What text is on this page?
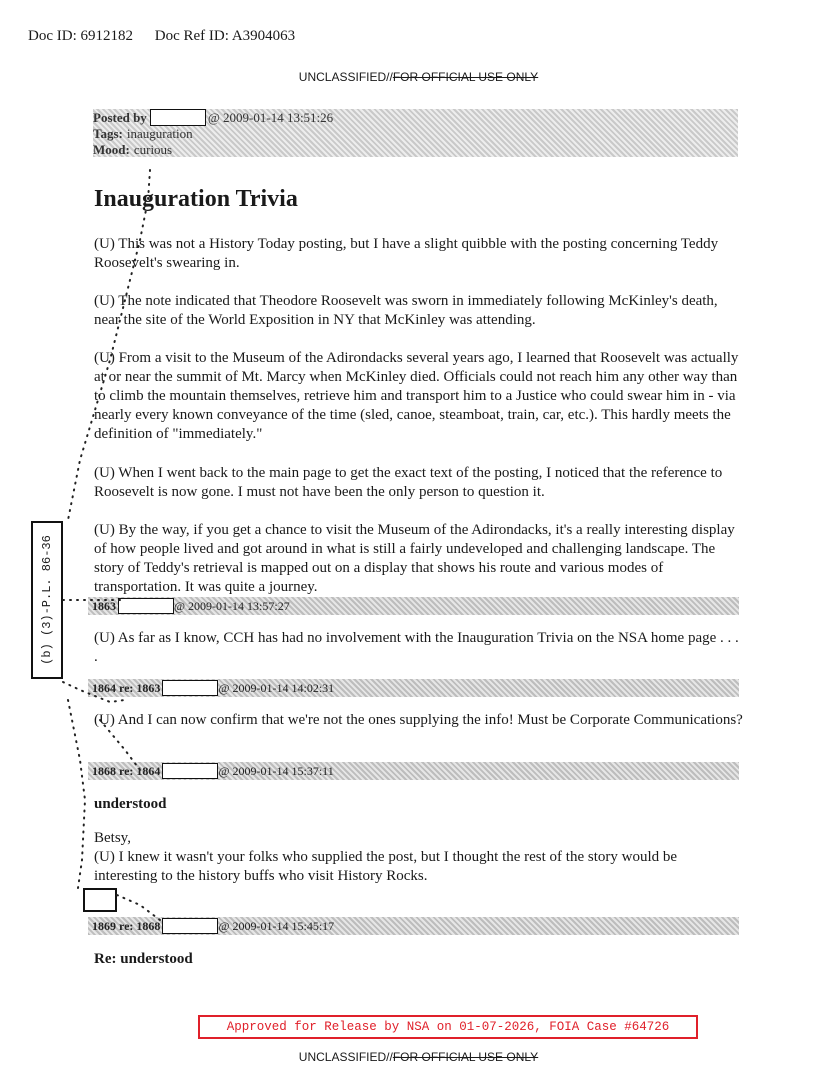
Doc ID: 6912182 Doc Ref ID: A3904063
UNCLASSIFIED//FOR OFFICIAL USE ONLY
Posted by	@ 2009-01-14 13:51:26
Tags: inauguration
Mood: curious
Inauguration Trivia
(U) This was not a History Today posting, but I have a slight quibble with the posting concerning Teddy Roosevelt's swearing in.
(U) The note indicated that Theodore Roosevelt was sworn in immediately following McKinley's death, near the site of the World Exposition in NY that McKinley was attending.
(U) From a visit to the Museum of the Adirondacks several years ago, I learned that Roosevelt was actually at or near the summit of Mt. Marcy when McKinley died. Officials could not reach him any other way than to climb the mountain themselves, retrieve him and transport him to a Justice who could swear him in - via nearly every known conveyance of the time (sled, canoe, steamboat, train, car, etc.). This hardly meets the definition of "immediately."
(U) When I went back to the main page to get the exact text of the posting, I noticed that the reference to Roosevelt is now gone. I must not have been the only person to question it.
(U) By the way, if you get a chance to visit the Museum of the Adirondacks, it's a really interesting display of how people lived and got around in what is still a fairly undeveloped and challenging landscape. The story of Teddy's retrieval is mapped out on a display that shows his route and various modes of transportation. It was quite a journey.
1863	@ 2009-01-14 13:57:27
(U) As far as I know, CCH has had no involvement with the Inauguration Trivia on the NSA home page . . . .
1864 re: 1863	@ 2009-01-14 14:02:31
(U) And I can now confirm that we're not the ones supplying the info! Must be Corporate Communications?
1868 re: 1864	@ 2009-01-14 15:37:11
understood
Betsy,
(U) I knew it wasn't your folks who supplied the post, but I thought the rest of the story would be interesting to the history buffs who visit History Rocks.
1869 re: 1868	@ 2009-01-14 15:45:17
Re: understood
(b) (3)-P.L. 86-36
Approved for Release by NSA on 01-07-2026, FOIA Case #64726
UNCLASSIFIED//FOR OFFICIAL USE ONLY
